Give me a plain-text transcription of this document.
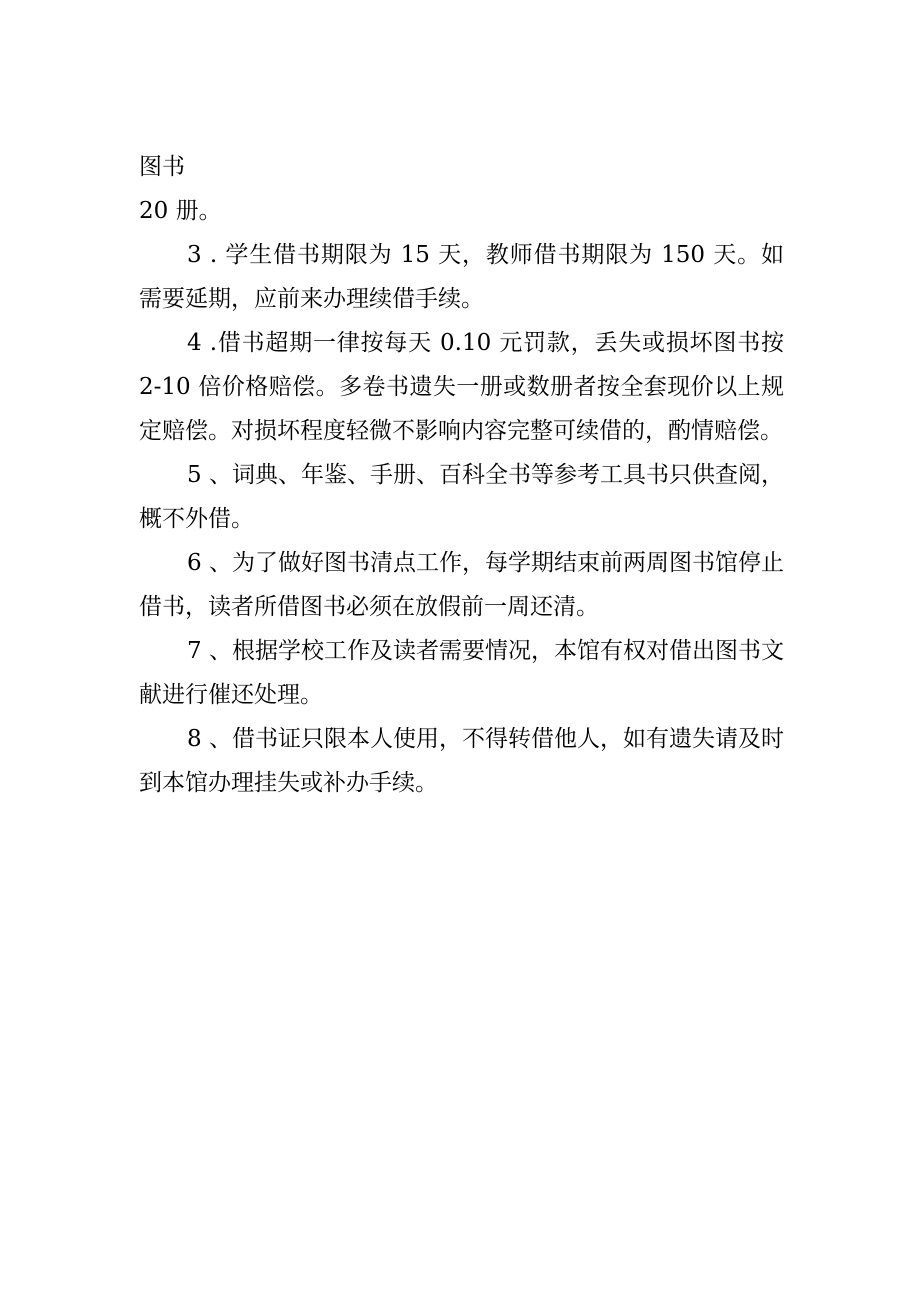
图书
20 册。

3 . 学生借书期限为 15 天，教师借书期限为 150 天。如需要延期，应前来办理续借手续。

4 .借书超期一律按每天 0.10 元罚款，丢失或损坏图书按 2-10 倍价格赔偿。多卷书遗失一册或数册者按全套现价以上规定赔偿。对损坏程度轻微不影响内容完整可续借的，酌情赔偿。

5 、词典、年鉴、手册、百科全书等参考工具书只供查阅，概不外借。

6 、为了做好图书清点工作，每学期结束前两周图书馆停止借书，读者所借图书必须在放假前一周还清。

7 、根据学校工作及读者需要情况，本馆有权对借出图书文献进行催还处理。

8 、借书证只限本人使用，不得转借他人，如有遗失请及时到本馆办理挂失或补办手续。
